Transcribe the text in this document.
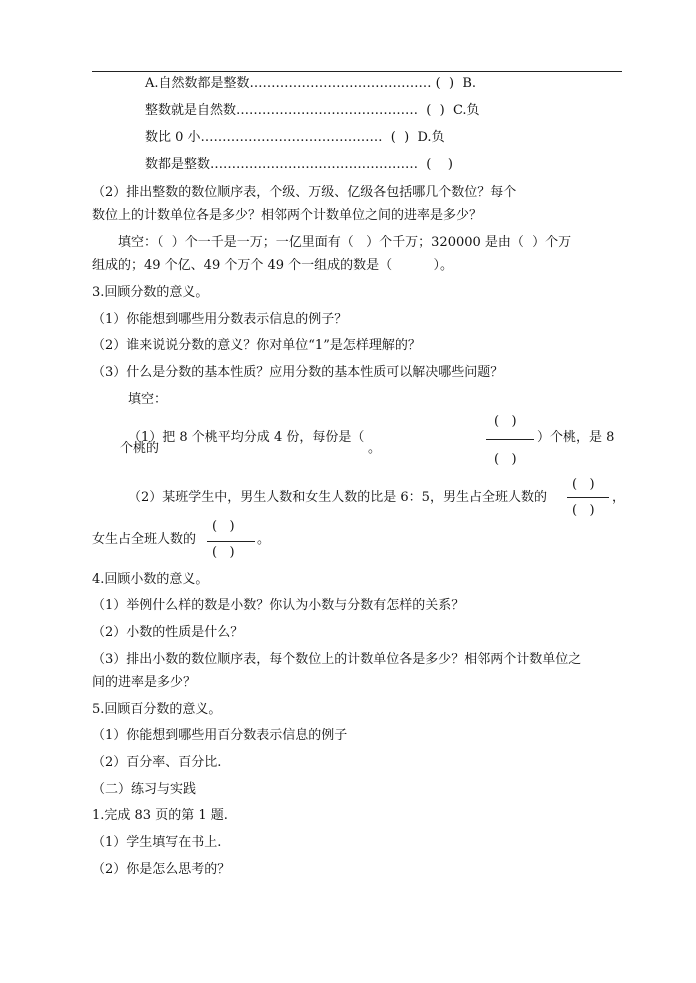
A.自然数都是整数…………………………………… (  )  B.
整数就是自然数……………………………………  (  )  C.负
数比 0 小……………………………………  (  )  D.负
数都是整数…………………………………………  (    )
（2）排出整数的数位顺序表，个级、万级、亿级各包括哪几个数位？每个
数位上的计数单位各是多少？相邻两个计数单位之间的进率是多少？
填空：（  ）个一千是一万；一亿里面有（   ）个千万；320000 是由（  ）个万
组成的；49 个亿、49 个万个 49 个一组成的数是（          ）。
3.回顾分数的意义。
（1）你能想到哪些用分数表示信息的例子？
（2）谁来说说分数的意义？你对单位“1”是怎样理解的？
（3）什么是分数的基本性质？应用分数的基本性质可以解决哪些问题？
填空：
（1）把 8 个桃平均分成 4 份，每份是（
个桃的	。
(   )
(   )
）个桃，是 8
（2）某班学生中，男生人数和女生人数的比是 6：5，男生占全班人数的
(   )
(   )
，
女生占全班人数的
(   )
(   )
。
4.回顾小数的意义。
（1）举例什么样的数是小数？你认为小数与分数有怎样的关系？
（2）小数的性质是什么？
（3）排出小数的数位顺序表，每个数位上的计数单位各是多少？相邻两个计数单位之
间的进率是多少？
5.回顾百分数的意义。
（1）你能想到哪些用百分数表示信息的例子
（2）百分率、百分比.
（二）练习与实践
1.完成 83 页的第 1 题.
（1）学生填写在书上.
（2）你是怎么思考的？
